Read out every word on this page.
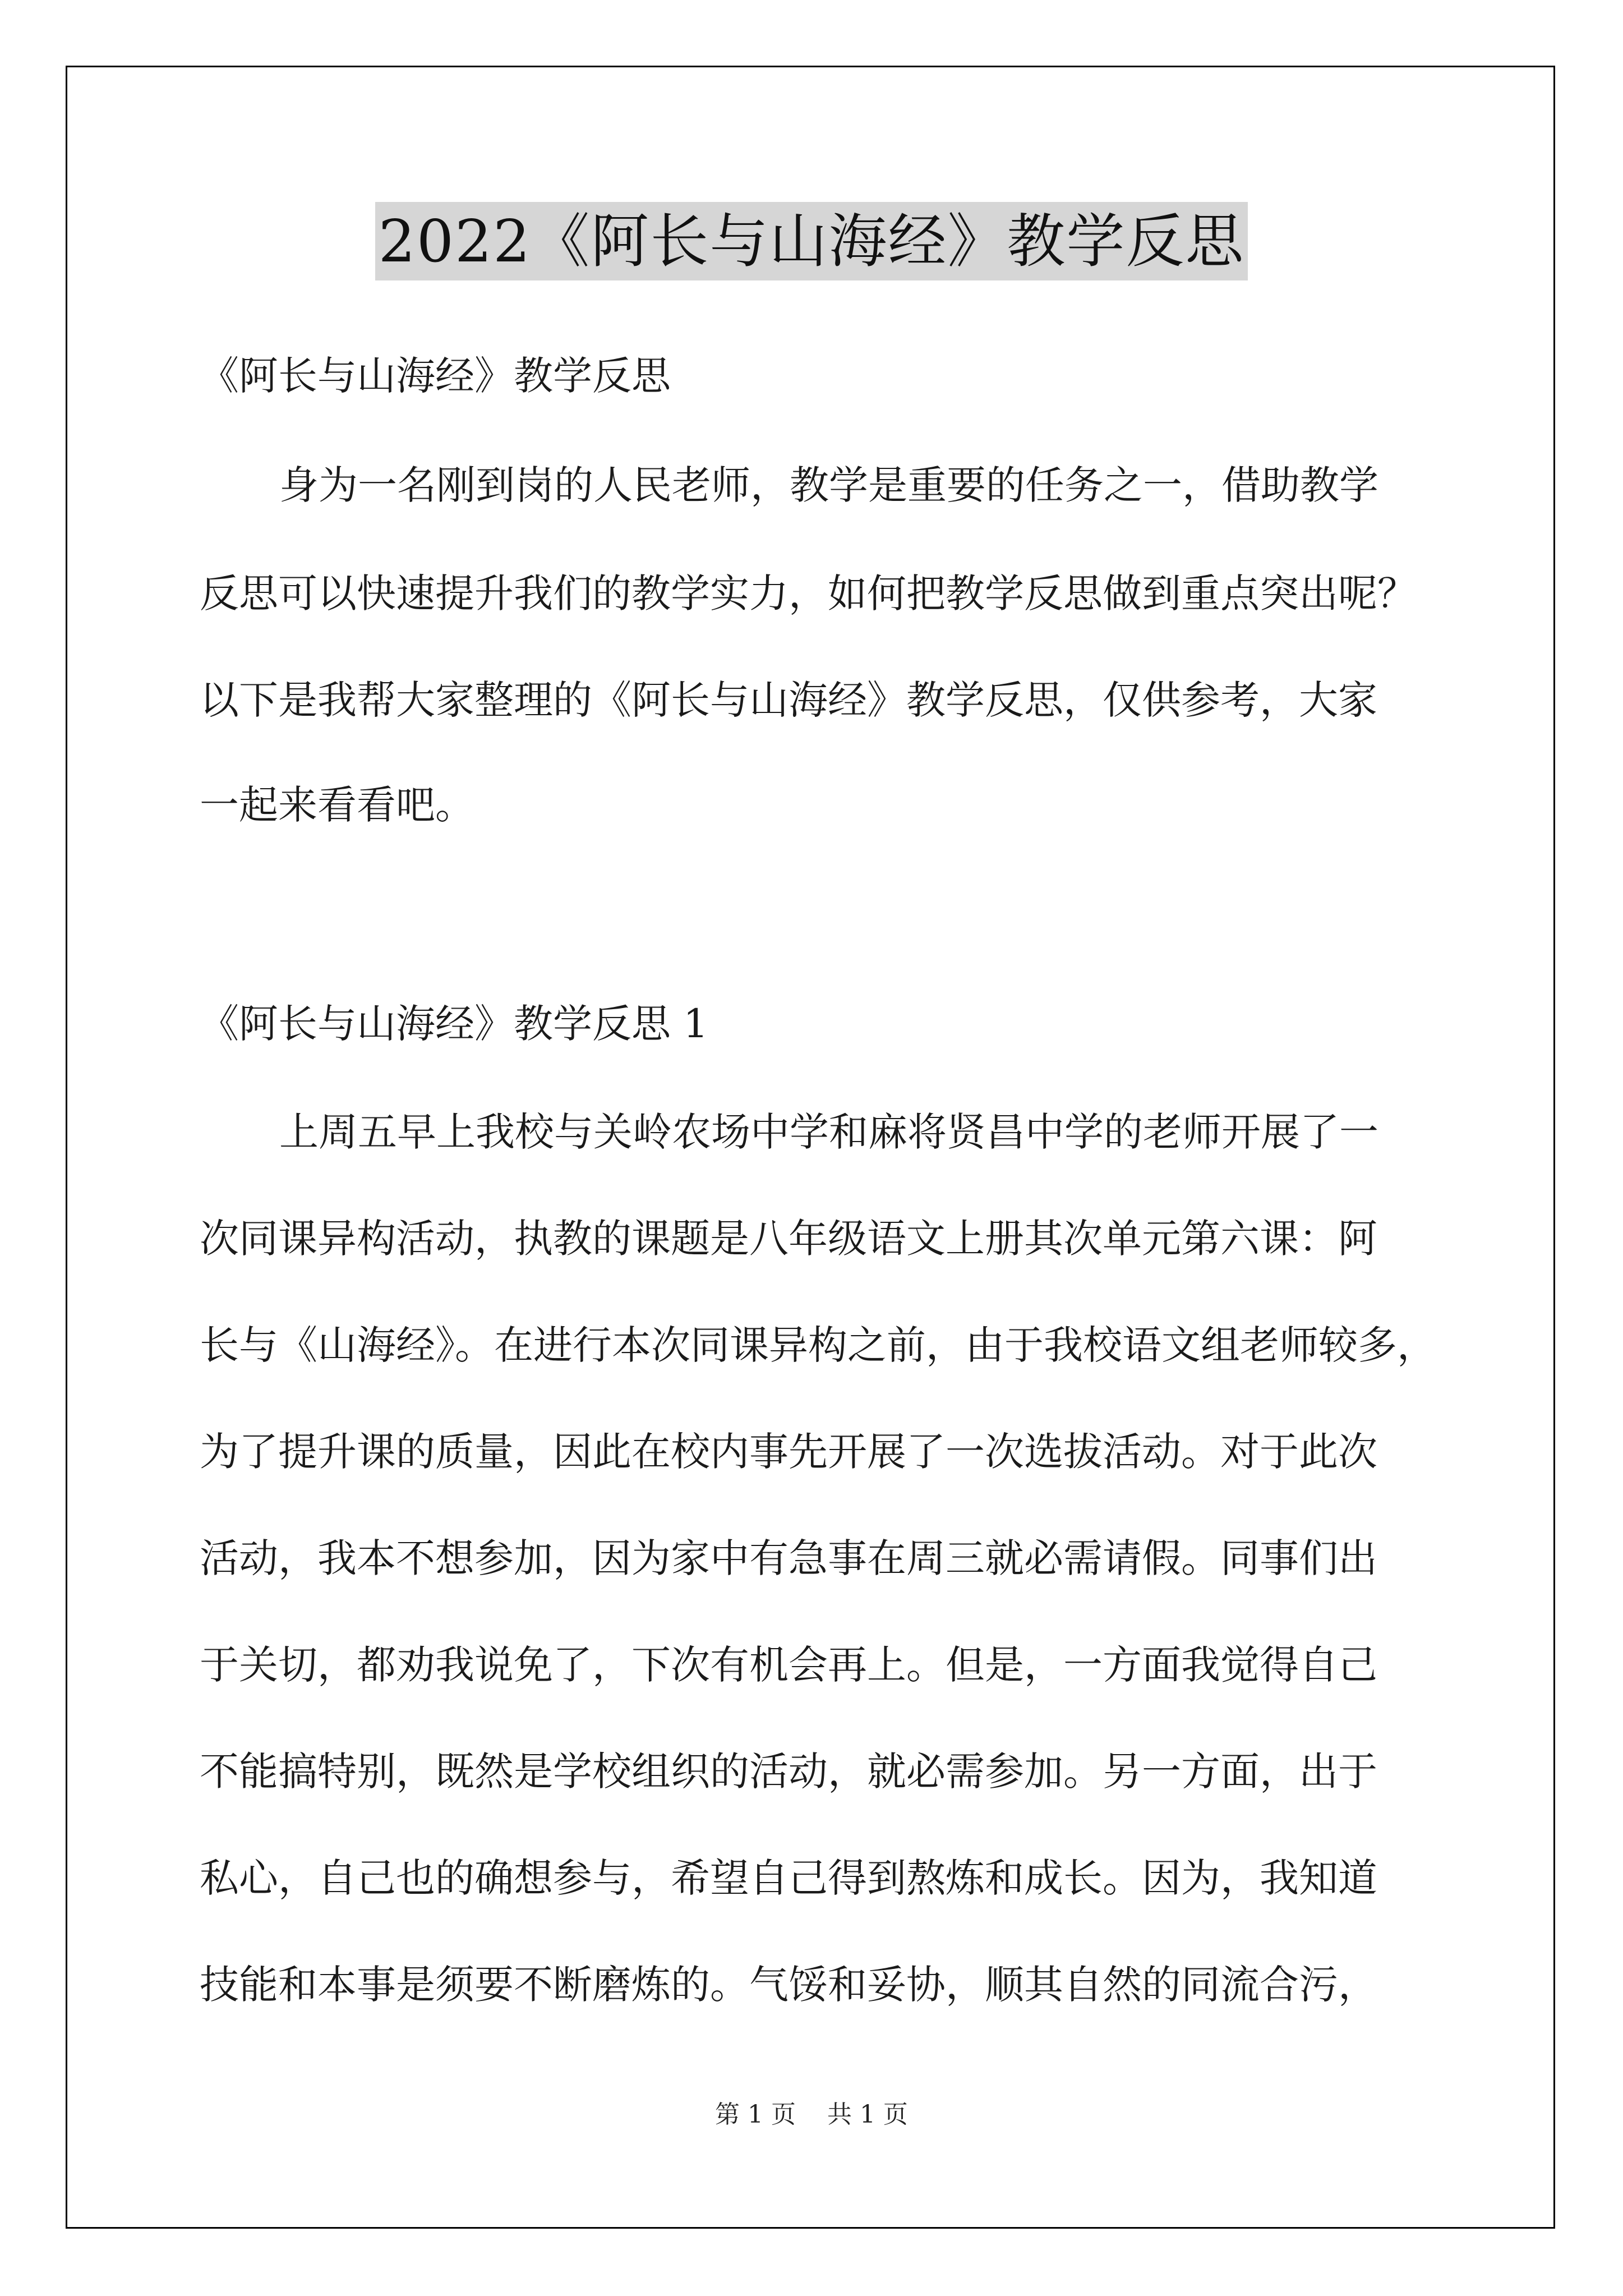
2022《阿长与山海经》教学反思
《阿长与山海经》教学反思
身为一名刚到岗的人民老师，教学是重要的任务之一，借助教学
反思可以快速提升我们的教学实力，如何把教学反思做到重点突出呢？
以下是我帮大家整理的《阿长与山海经》教学反思，仅供参考，大家
一起来看看吧。
《阿长与山海经》教学反思 1
上周五早上我校与关岭农场中学和麻将贤昌中学的老师开展了一
次同课异构活动，执教的课题是八年级语文上册其次单元第六课：阿
长与《山海经》。在进行本次同课异构之前，由于我校语文组老师较多，
为了提升课的质量，因此在校内事先开展了一次选拔活动。对于此次
活动，我本不想参加，因为家中有急事在周三就必需请假。同事们出
于关切，都劝我说免了，下次有机会再上。但是，一方面我觉得自己
不能搞特别，既然是学校组织的活动，就必需参加。另一方面，出于
私心，自己也的确想参与，希望自己得到熬炼和成长。因为，我知道
技能和本事是须要不断磨炼的。气馁和妥协，顺其自然的同流合污，
第 1 页    共 1 页
